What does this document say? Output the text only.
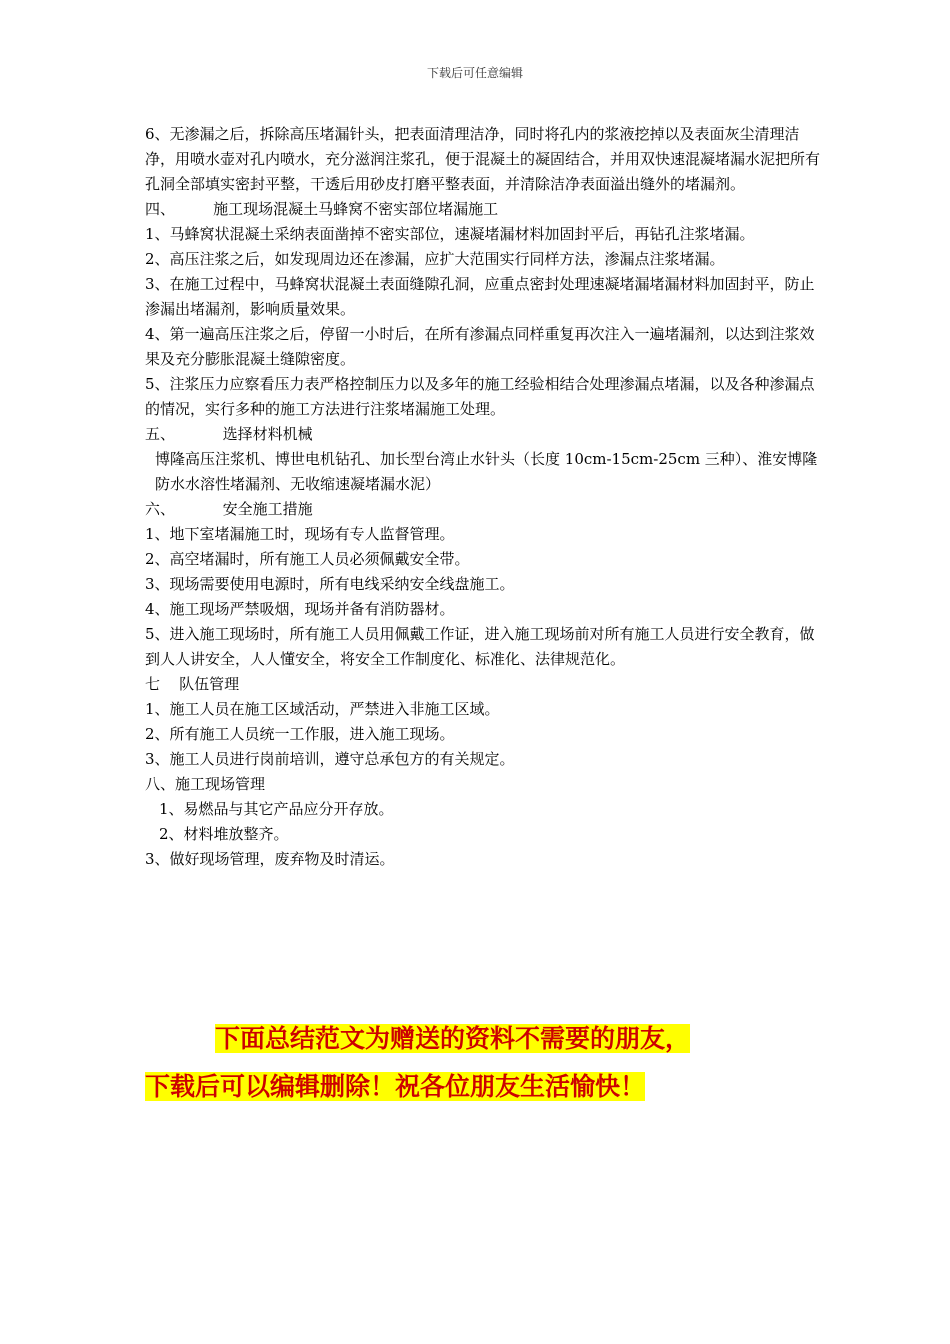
下载后可任意编辑

6、无渗漏之后，拆除高压堵漏针头，把表面清理洁净，同时将孔内的浆液挖掉以及表面灰尘清理洁净，用喷水壶对孔内喷水，充分滋润注浆孔，便于混凝土的凝固结合，并用双快速混凝堵漏水泥把所有孔洞全部填实密封平整，干透后用砂皮打磨平整表面，并清除洁净表面溢出缝外的堵漏剂。

四、        施工现场混凝土马蜂窝不密实部位堵漏施工

1、马蜂窝状混凝土采纳表面凿掉不密实部位，速凝堵漏材料加固封平后，再钻孔注浆堵漏。

2、高压注浆之后，如发现周边还在渗漏，应扩大范围实行同样方法，渗漏点注浆堵漏。

3、在施工过程中，马蜂窝状混凝土表面缝隙孔洞，应重点密封处理速凝堵漏堵漏材料加固封平，防止渗漏出堵漏剂，影响质量效果。

4、第一遍高压注浆之后，停留一小时后，在所有渗漏点同样重复再次注入一遍堵漏剂，以达到注浆效果及充分膨胀混凝土缝隙密度。

5、注浆压力应察看压力表严格控制压力以及多年的施工经验相结合处理渗漏点堵漏，以及各种渗漏点的情况，实行多种的施工方法进行注浆堵漏施工处理。

五、          选择材料机械

博隆高压注浆机、博世电机钻孔、加长型台湾止水针头（长度 10cm-15cm-25cm 三种）、淮安博隆防水水溶性堵漏剂、无收缩速凝堵漏水泥）

六、          安全施工措施

1、地下室堵漏施工时，现场有专人监督管理。

2、高空堵漏时，所有施工人员必须佩戴安全带。

3、现场需要使用电源时，所有电线采纳安全线盘施工。

4、施工现场严禁吸烟，现场并备有消防器材。

5、进入施工现场时，所有施工人员用佩戴工作证，进入施工现场前对所有施工人员进行安全教育，做到人人讲安全，人人懂安全，将安全工作制度化、标准化、法律规范化。

七    队伍管理

1、施工人员在施工区域活动，严禁进入非施工区域。

2、所有施工人员统一工作服，进入施工现场。

3、施工人员进行岗前培训，遵守总承包方的有关规定。

八、施工现场管理

1、易燃品与其它产品应分开存放。

2、材料堆放整齐。

3、做好现场管理，废弃物及时清运。

下面总结范文为赠送的资料不需要的朋友，
下载后可以编辑删除！祝各位朋友生活愉快！
